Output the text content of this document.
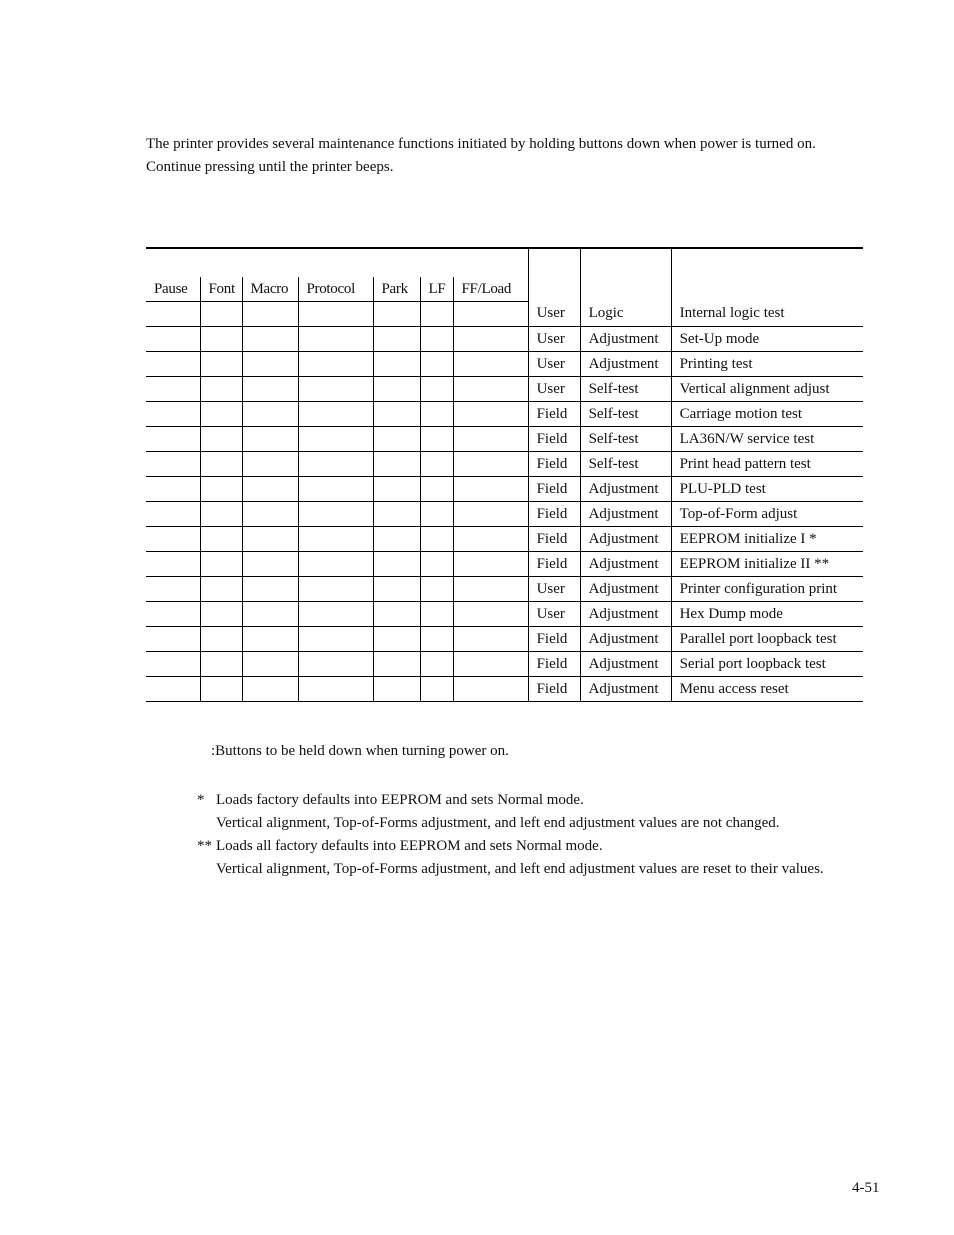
The printer provides several maintenance functions initiated by holding buttons down when power is turned on.

Continue pressing until the printer beeps.

Pause	Font	Macro	Protocol	Park	LF	FF/Load			
							User	Logic	Internal logic test
							User	Adjustment	Set-Up mode
							User	Adjustment	Printing test
							User	Self-test	Vertical alignment adjust
							Field	Self-test	Carriage motion test
							Field	Self-test	LA36N/W service test
							Field	Self-test	Print head pattern test
							Field	Adjustment	PLU-PLD test
							Field	Adjustment	Top-of-Form adjust
							Field	Adjustment	EEPROM initialize I *
							Field	Adjustment	EEPROM initialize II **
							User	Adjustment	Printer configuration print
							User	Adjustment	Hex Dump mode
							Field	Adjustment	Parallel port loopback test
							Field	Adjustment	Serial port loopback test
							Field	Adjustment	Menu access reset
:Buttons to be held down when turning power on.
* Loads factory defaults into EEPROM and sets Normal mode.
Vertical alignment, Top-of-Forms adjustment, and left end adjustment values are not changed.
** Loads all factory defaults into EEPROM and sets Normal mode.
Vertical alignment, Top-of-Forms adjustment, and left end adjustment values are reset to their values.
4-51
